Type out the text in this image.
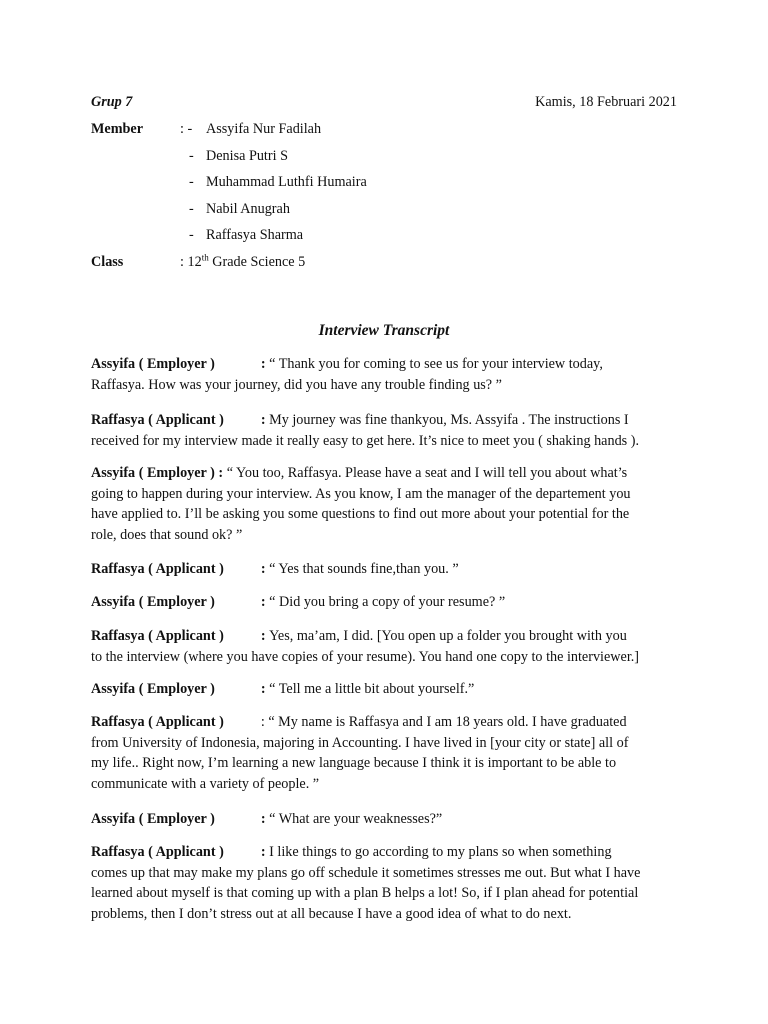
Grup 7	Kamis, 18 Februari 2021
Member	: - Assyifa Nur Fadilah
- Denisa Putri S
- Muhammad Luthfi Humaira
- Nabil Anugrah
- Raffasya Sharma
Class	: 12th Grade Science 5
Interview Transcript

Assyifa ( Employer )	: “ Thank you for coming to see us for your interview today,

Raffasya. How was your journey, did you have any trouble finding us? ”

Raffasya ( Applicant )	: My journey was fine thankyou, Ms. Assyifa . The instructions I

received for my interview made it really easy to get here. It’s nice to meet you ( shaking hands ).

Assyifa ( Employer ) : “ You too, Raffasya. Please have a seat and I will tell you about what’s

going to happen during your interview. As you know, I am the manager of the departement you

have applied to. I’ll be asking you some questions to find out more about your potential for the

role, does that sound ok? ”

Raffasya ( Applicant )	: “ Yes that sounds fine,than you. ”

Assyifa ( Employer )	: “ Did you bring a copy of your resume? ”

Raffasya ( Applicant )	: Yes, ma’am, I did. [You open up a folder you brought with you

to the interview (where you have copies of your resume). You hand one copy to the interviewer.]

Assyifa ( Employer )	: “ Tell me a little bit about yourself.”

Raffasya ( Applicant )	: “ My name is Raffasya and I am 18 years old. I have graduated

from University of Indonesia, majoring in Accounting. I have lived in [your city or state] all of

my life.. Right now, I’m learning a new language because I think it is important to be able to

communicate with a variety of people. ”

Assyifa ( Employer )	: “ What are your weaknesses?”

Raffasya ( Applicant )	: I like things to go according to my plans so when something

comes up that may make my plans go off schedule it sometimes stresses me out. But what I have

learned about myself is that coming up with a plan B helps a lot! So, if I plan ahead for potential

problems, then I don’t stress out at all because I have a good idea of what to do next.
